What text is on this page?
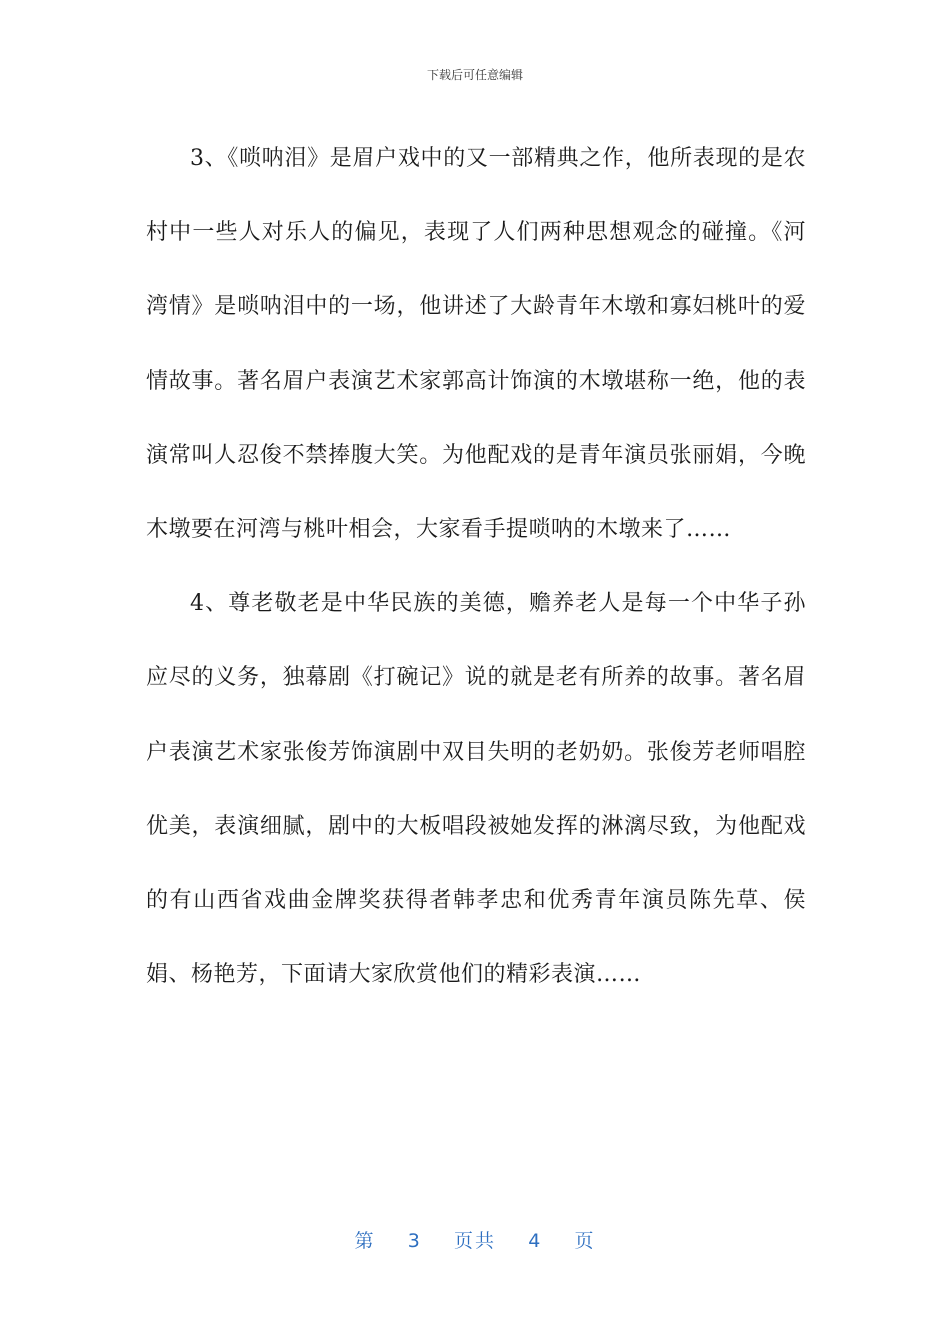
下载后可任意编辑

3、《唢呐泪》是眉户戏中的又一部精典之作，他所表现的是农村中一些人对乐人的偏见，表现了人们两种思想观念的碰撞。《河湾情》是唢呐泪中的一场，他讲述了大龄青年木墩和寡妇桃叶的爱情故事。著名眉户表演艺术家郭高计饰演的木墩堪称一绝，他的表演常叫人忍俊不禁捧腹大笑。为他配戏的是青年演员张丽娟，今晚木墩要在河湾与桃叶相会，大家看手提唢呐的木墩来了……

4、尊老敬老是中华民族的美德，赡养老人是每一个中华子孙应尽的义务，独幕剧《打碗记》说的就是老有所养的故事。著名眉户表演艺术家张俊芳饰演剧中双目失明的老奶奶。张俊芳老师唱腔优美，表演细腻，剧中的大板唱段被她发挥的淋漓尽致，为他配戏的有山西省戏曲金牌奖获得者韩孝忠和优秀青年演员陈先草、侯娟、杨艳芳，下面请大家欣赏他们的精彩表演……

第 3 页共 4 页
